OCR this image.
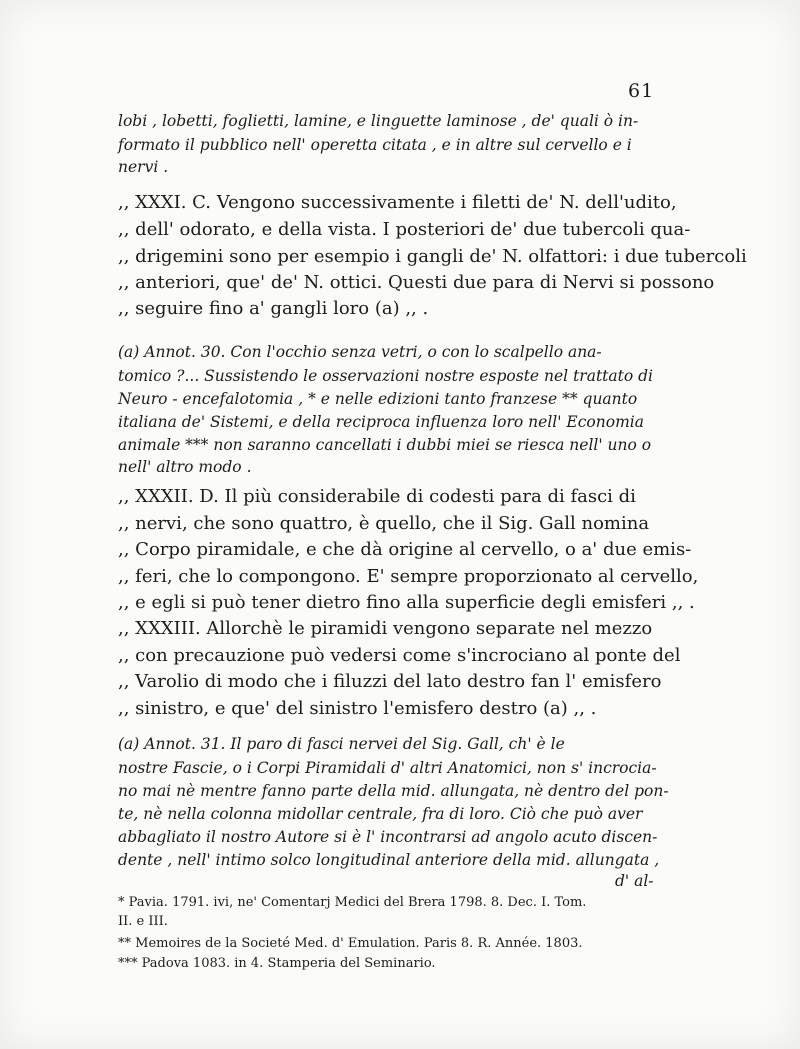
61
lobi , lobetti, foglietti, lamine, e linguette laminose , de' quali ò in-
formato il pubblico nell' operetta citata , e in altre sul cervello e i
nervi .
,, XXXI. C. Vengono successivamente i filetti de' N. dell'udito,
,, dell' odorato, e della vista. I posteriori de' due tubercoli qua-
,, drigemini sono per esempio i gangli de' N. olfattori: i due tubercoli
,, anteriori, que' de' N. ottici. Questi due para di Nervi si possono
,, seguire fino a' gangli loro (a) ,, .
(a) Annot. 30. Con l'occhio senza vetri, o con lo scalpello ana-
tomico ?... Sussistendo le osservazioni nostre esposte nel trattato di
Neuro - encefalotomia , * e nelle edizioni tanto franzese ** quanto
italiana de' Sistemi, e della reciproca influenza loro nell' Economia
animale *** non saranno cancellati i dubbi miei se riesca nell' uno o
nell' altro modo .
,, XXXII. D. Il più considerabile di codesti para di fasci di
,, nervi, che sono quattro, è quello, che il Sig. Gall nomina
,, Corpo piramidale, e che dà origine al cervello, o a' due emis-
,, feri, che lo compongono. E' sempre proporzionato al cervello,
,, e egli si può tener dietro fino alla superficie degli emisferi ,, .
,, XXXIII. Allorchè le piramidi vengono separate nel mezzo
,, con precauzione può vedersi come s'incrociano al ponte del
,, Varolio di modo che i filuzzi del lato destro fan l' emisfero
,, sinistro, e que' del sinistro l'emisfero destro (a) ,, .
(a) Annot. 31. Il paro di fasci nervei del Sig. Gall, ch' è le
nostre Fascie, o i Corpi Piramidali d' altri Anatomici, non s' incrocia-
no mai nè mentre fanno parte della mid. allungata, nè dentro del pon-
te, nè nella colonna midollar centrale, fra di loro. Ciò che può aver
abbagliato il nostro Autore si è l' incontrarsi ad angolo acuto discen-
dente , nell' intimo solco longitudinal anteriore della mid. allungata ,
d' al-
* Pavia. 1791. ivi, ne' Comentarj Medici del Brera 1798. 8. Dec. I. Tom.
II. e III.
** Memoires de la Societé Med. d' Emulation. Paris 8. R. Année. 1803.
*** Padova 1083. in 4. Stamperia del Seminario.
